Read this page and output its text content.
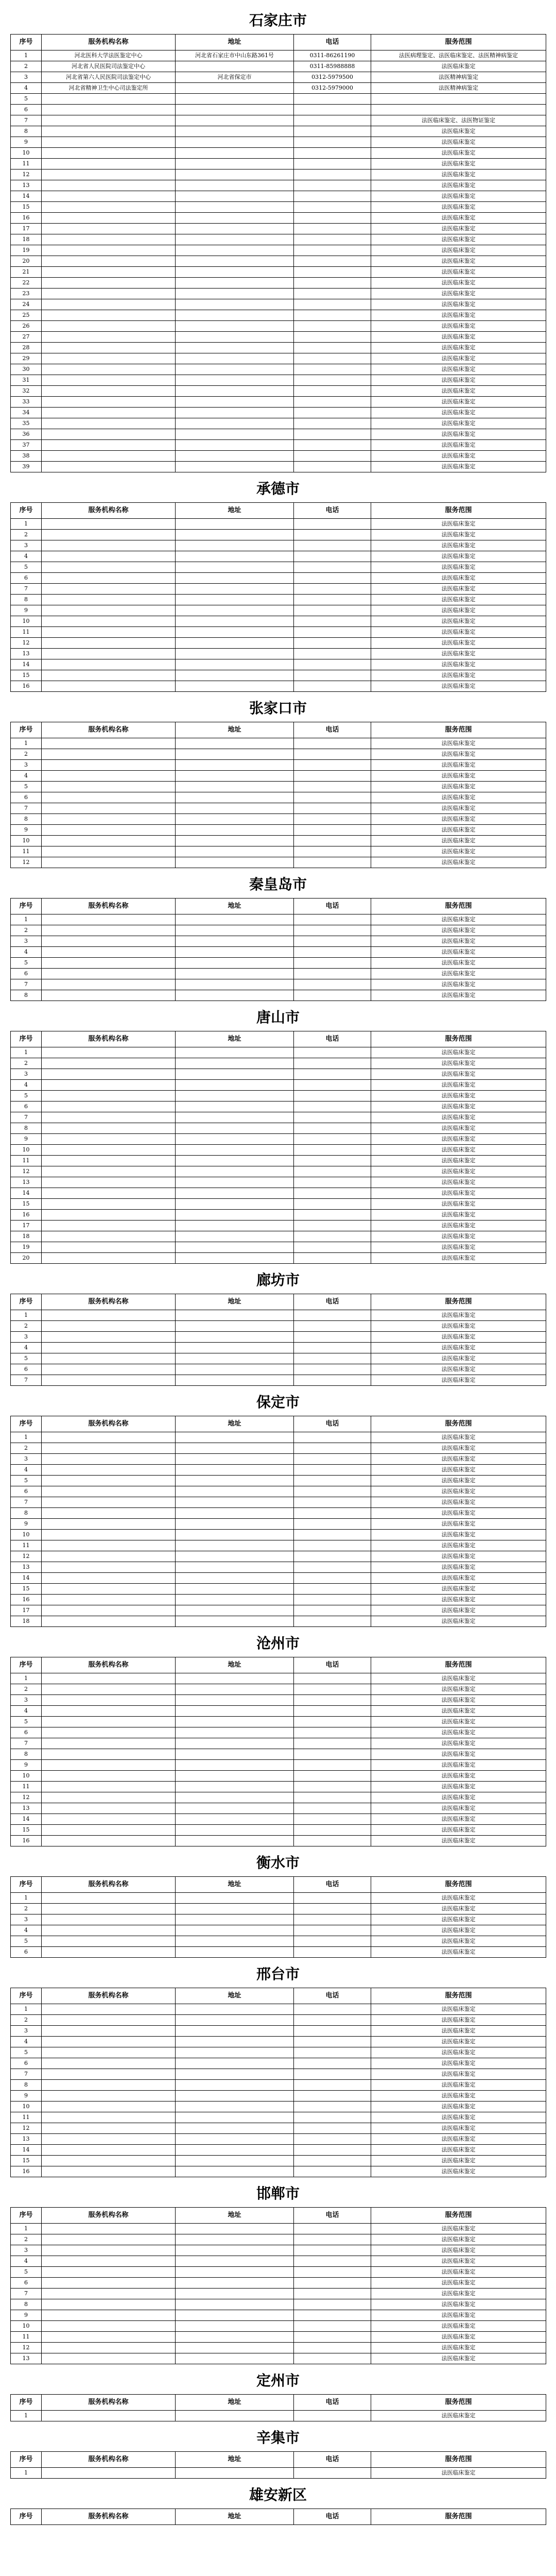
石家庄市
序号	服务机构名称	地址	电话	服务范围
1	河北医科大学法医鉴定中心	河北省石家庄市中山东路361号	0311-86261190	法医病理鉴定、法医临床鉴定、法医精神病鉴定
2	河北省人民医院司法鉴定中心		0311-85988888	法医临床鉴定
3	河北省第六人民医院司法鉴定中心	河北省保定市	0312-5979500	法医精神病鉴定
4	河北省精神卫生中心司法鉴定所		0312-5979000	法医精神病鉴定
5				
6				
7				法医临床鉴定、法医物证鉴定
8				法医临床鉴定
9				法医临床鉴定
10				法医临床鉴定
11				法医临床鉴定
12				法医临床鉴定
13				法医临床鉴定
14				法医临床鉴定
15				法医临床鉴定
16				法医临床鉴定
17				法医临床鉴定
18				法医临床鉴定
19				法医临床鉴定
20				法医临床鉴定
21				法医临床鉴定
22				法医临床鉴定
23				法医临床鉴定
24				法医临床鉴定
25				法医临床鉴定
26				法医临床鉴定
27				法医临床鉴定
28				法医临床鉴定
29				法医临床鉴定
30				法医临床鉴定
31				法医临床鉴定
32				法医临床鉴定
33				法医临床鉴定
34				法医临床鉴定
35				法医临床鉴定
36				法医临床鉴定
37				法医临床鉴定
38				法医临床鉴定
39				法医临床鉴定
承德市
序号	服务机构名称	地址	电话	服务范围
1				法医临床鉴定
2				法医临床鉴定
3				法医临床鉴定
4				法医临床鉴定
5				法医临床鉴定
6				法医临床鉴定
7				法医临床鉴定
8				法医临床鉴定
9				法医临床鉴定
10				法医临床鉴定
11				法医临床鉴定
12				法医临床鉴定
13				法医临床鉴定
14				法医临床鉴定
15				法医临床鉴定
16				法医临床鉴定
张家口市
序号	服务机构名称	地址	电话	服务范围
1				法医临床鉴定
2				法医临床鉴定
3				法医临床鉴定
4				法医临床鉴定
5				法医临床鉴定
6				法医临床鉴定
7				法医临床鉴定
8				法医临床鉴定
9				法医临床鉴定
10				法医临床鉴定
11				法医临床鉴定
12				法医临床鉴定
秦皇岛市
序号	服务机构名称	地址	电话	服务范围
1				法医临床鉴定
2				法医临床鉴定
3				法医临床鉴定
4				法医临床鉴定
5				法医临床鉴定
6				法医临床鉴定
7				法医临床鉴定
8				法医临床鉴定
唐山市
序号	服务机构名称	地址	电话	服务范围
1				法医临床鉴定
2				法医临床鉴定
3				法医临床鉴定
4				法医临床鉴定
5				法医临床鉴定
6				法医临床鉴定
7				法医临床鉴定
8				法医临床鉴定
9				法医临床鉴定
10				法医临床鉴定
11				法医临床鉴定
12				法医临床鉴定
13				法医临床鉴定
14				法医临床鉴定
15				法医临床鉴定
16				法医临床鉴定
17				法医临床鉴定
18				法医临床鉴定
19				法医临床鉴定
20				法医临床鉴定
廊坊市
序号	服务机构名称	地址	电话	服务范围
1				法医临床鉴定
2				法医临床鉴定
3				法医临床鉴定
4				法医临床鉴定
5				法医临床鉴定
6				法医临床鉴定
7				法医临床鉴定
保定市
序号	服务机构名称	地址	电话	服务范围
1				法医临床鉴定
2				法医临床鉴定
3				法医临床鉴定
4				法医临床鉴定
5				法医临床鉴定
6				法医临床鉴定
7				法医临床鉴定
8				法医临床鉴定
9				法医临床鉴定
10				法医临床鉴定
11				法医临床鉴定
12				法医临床鉴定
13				法医临床鉴定
14				法医临床鉴定
15				法医临床鉴定
16				法医临床鉴定
17				法医临床鉴定
18				法医临床鉴定
沧州市
序号	服务机构名称	地址	电话	服务范围
1				法医临床鉴定
2				法医临床鉴定
3				法医临床鉴定
4				法医临床鉴定
5				法医临床鉴定
6				法医临床鉴定
7				法医临床鉴定
8				法医临床鉴定
9				法医临床鉴定
10				法医临床鉴定
11				法医临床鉴定
12				法医临床鉴定
13				法医临床鉴定
14				法医临床鉴定
15				法医临床鉴定
16				法医临床鉴定
衡水市
序号	服务机构名称	地址	电话	服务范围
1				法医临床鉴定
2				法医临床鉴定
3				法医临床鉴定
4				法医临床鉴定
5				法医临床鉴定
6				法医临床鉴定
邢台市
序号	服务机构名称	地址	电话	服务范围
1				法医临床鉴定
2				法医临床鉴定
3				法医临床鉴定
4				法医临床鉴定
5				法医临床鉴定
6				法医临床鉴定
7				法医临床鉴定
8				法医临床鉴定
9				法医临床鉴定
10				法医临床鉴定
11				法医临床鉴定
12				法医临床鉴定
13				法医临床鉴定
14				法医临床鉴定
15				法医临床鉴定
16				法医临床鉴定
邯郸市
序号	服务机构名称	地址	电话	服务范围
1				法医临床鉴定
2				法医临床鉴定
3				法医临床鉴定
4				法医临床鉴定
5				法医临床鉴定
6				法医临床鉴定
7				法医临床鉴定
8				法医临床鉴定
9				法医临床鉴定
10				法医临床鉴定
11				法医临床鉴定
12				法医临床鉴定
13				法医临床鉴定
定州市
序号	服务机构名称	地址	电话	服务范围
1				法医临床鉴定
辛集市
序号	服务机构名称	地址	电话	服务范围
1				法医临床鉴定
雄安新区
序号	服务机构名称	地址	电话	服务范围
